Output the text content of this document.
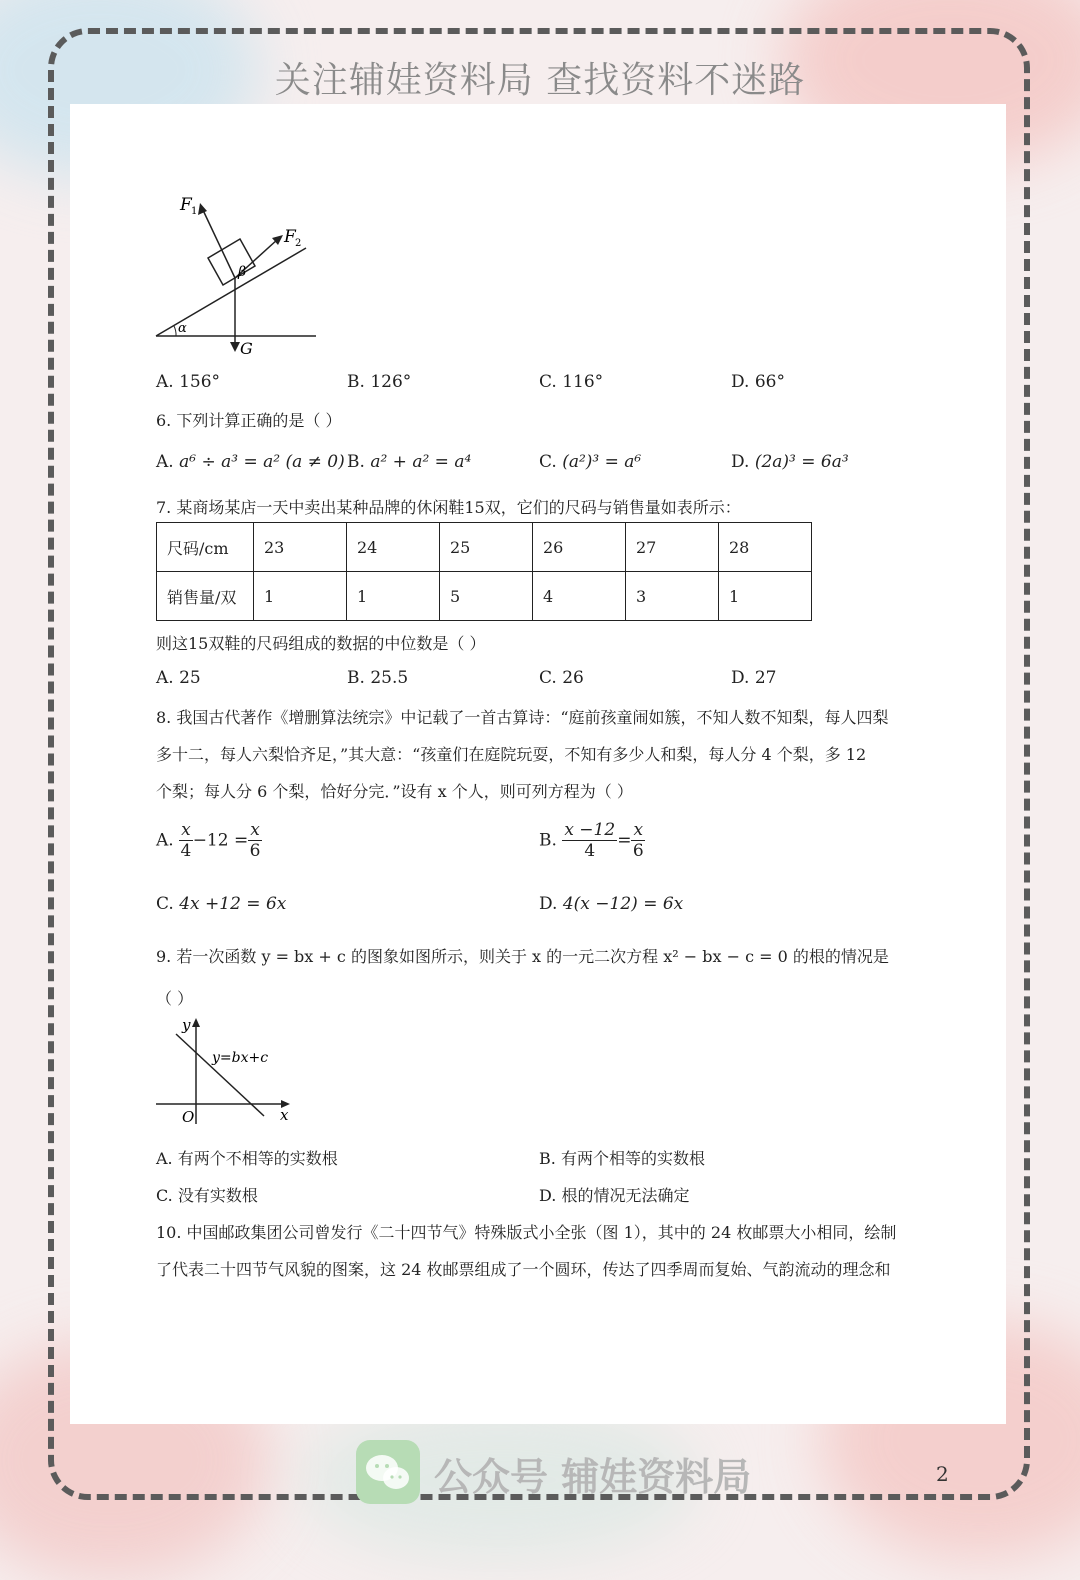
关注辅娃资料局 查找资料不迷路
F 1
F 2
β
α
G
A. 156°	B. 126°	C. 116°	D. 66°
6. 下列计算正确的是（ ）
A. a⁶ ÷ a³ = a² (a ≠ 0) B. a² + a² = a⁴	C. (a²)³ = a⁶	D. (2a)³ = 6a³
7. 某商场某店一天中卖出某种品牌的休闲鞋15双，它们的尺码与销售量如表所示：
尺码/cm	23	24	25	26	27	28
销售量/双	1	1	5	4	3	1
则这15双鞋的尺码组成的数据的中位数是（ ）
A. 25	B. 25.5	C. 26	D. 27
8. 我国古代著作《增删算法统宗》中记载了一首古算诗：“庭前孩童闹如簇，不知人数不知梨，每人四梨
多十二，每人六梨恰齐足，”其大意：“孩童们在庭院玩耍，不知有多少人和梨，每人分 4 个梨，多 12
个梨；每人分 6 个梨，恰好分完．”设有 x 个人，则可列方程为（ ）
A. $\frac{x}{4} -12 = \frac{x}{6}$	B. $\frac{x -12}{4} = \frac{x}{6}$
C. 4x +12 = 6x	D. 4(x −12) = 6x
9. 若一次函数 y = bx + c 的图象如图所示，则关于 x 的一元二次方程 x² − bx − c = 0 的根的情况是
（ ）
y
x
O
y=bx+c
A. 有两个不相等的实数根	B. 有两个相等的实数根
C. 没有实数根	D. 根的情况无法确定
10. 中国邮政集团公司曾发行《二十四节气》特殊版式小全张（图 1），其中的 24 枚邮票大小相同，绘制
了代表二十四节气风貌的图案，这 24 枚邮票组成了一个圆环，传达了四季周而复始、气韵流动的理念和
公众号 辅娃资料局	2
